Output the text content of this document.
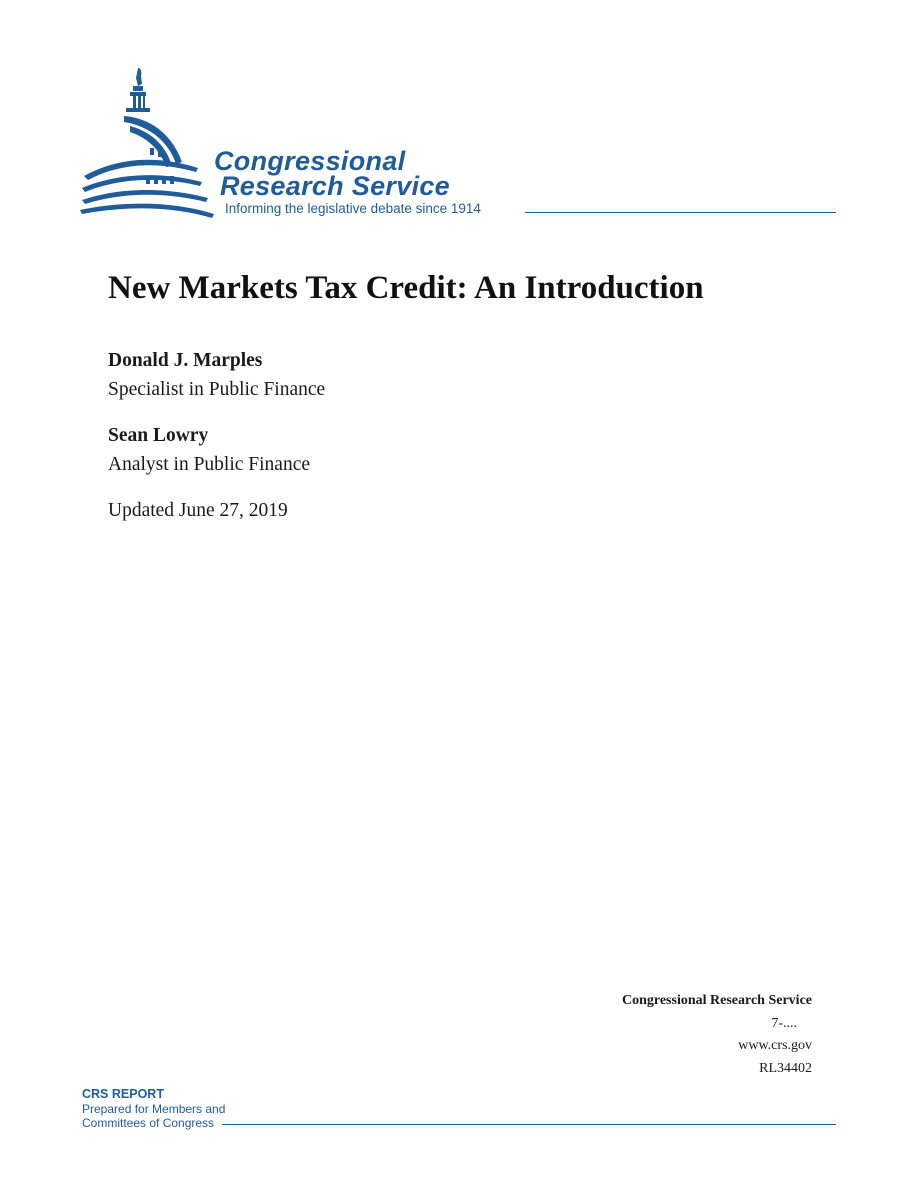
Congressional
Research Service
Informing the legislative debate since 1914
New Markets Tax Credit: An Introduction
Donald J. Marples
Specialist in Public Finance
Sean Lowry
Analyst in Public Finance
Updated June 27, 2019
Congressional Research Service
7-....
www.crs.gov
RL34402
CRS REPORT
Prepared for Members and
Committees of Congress
